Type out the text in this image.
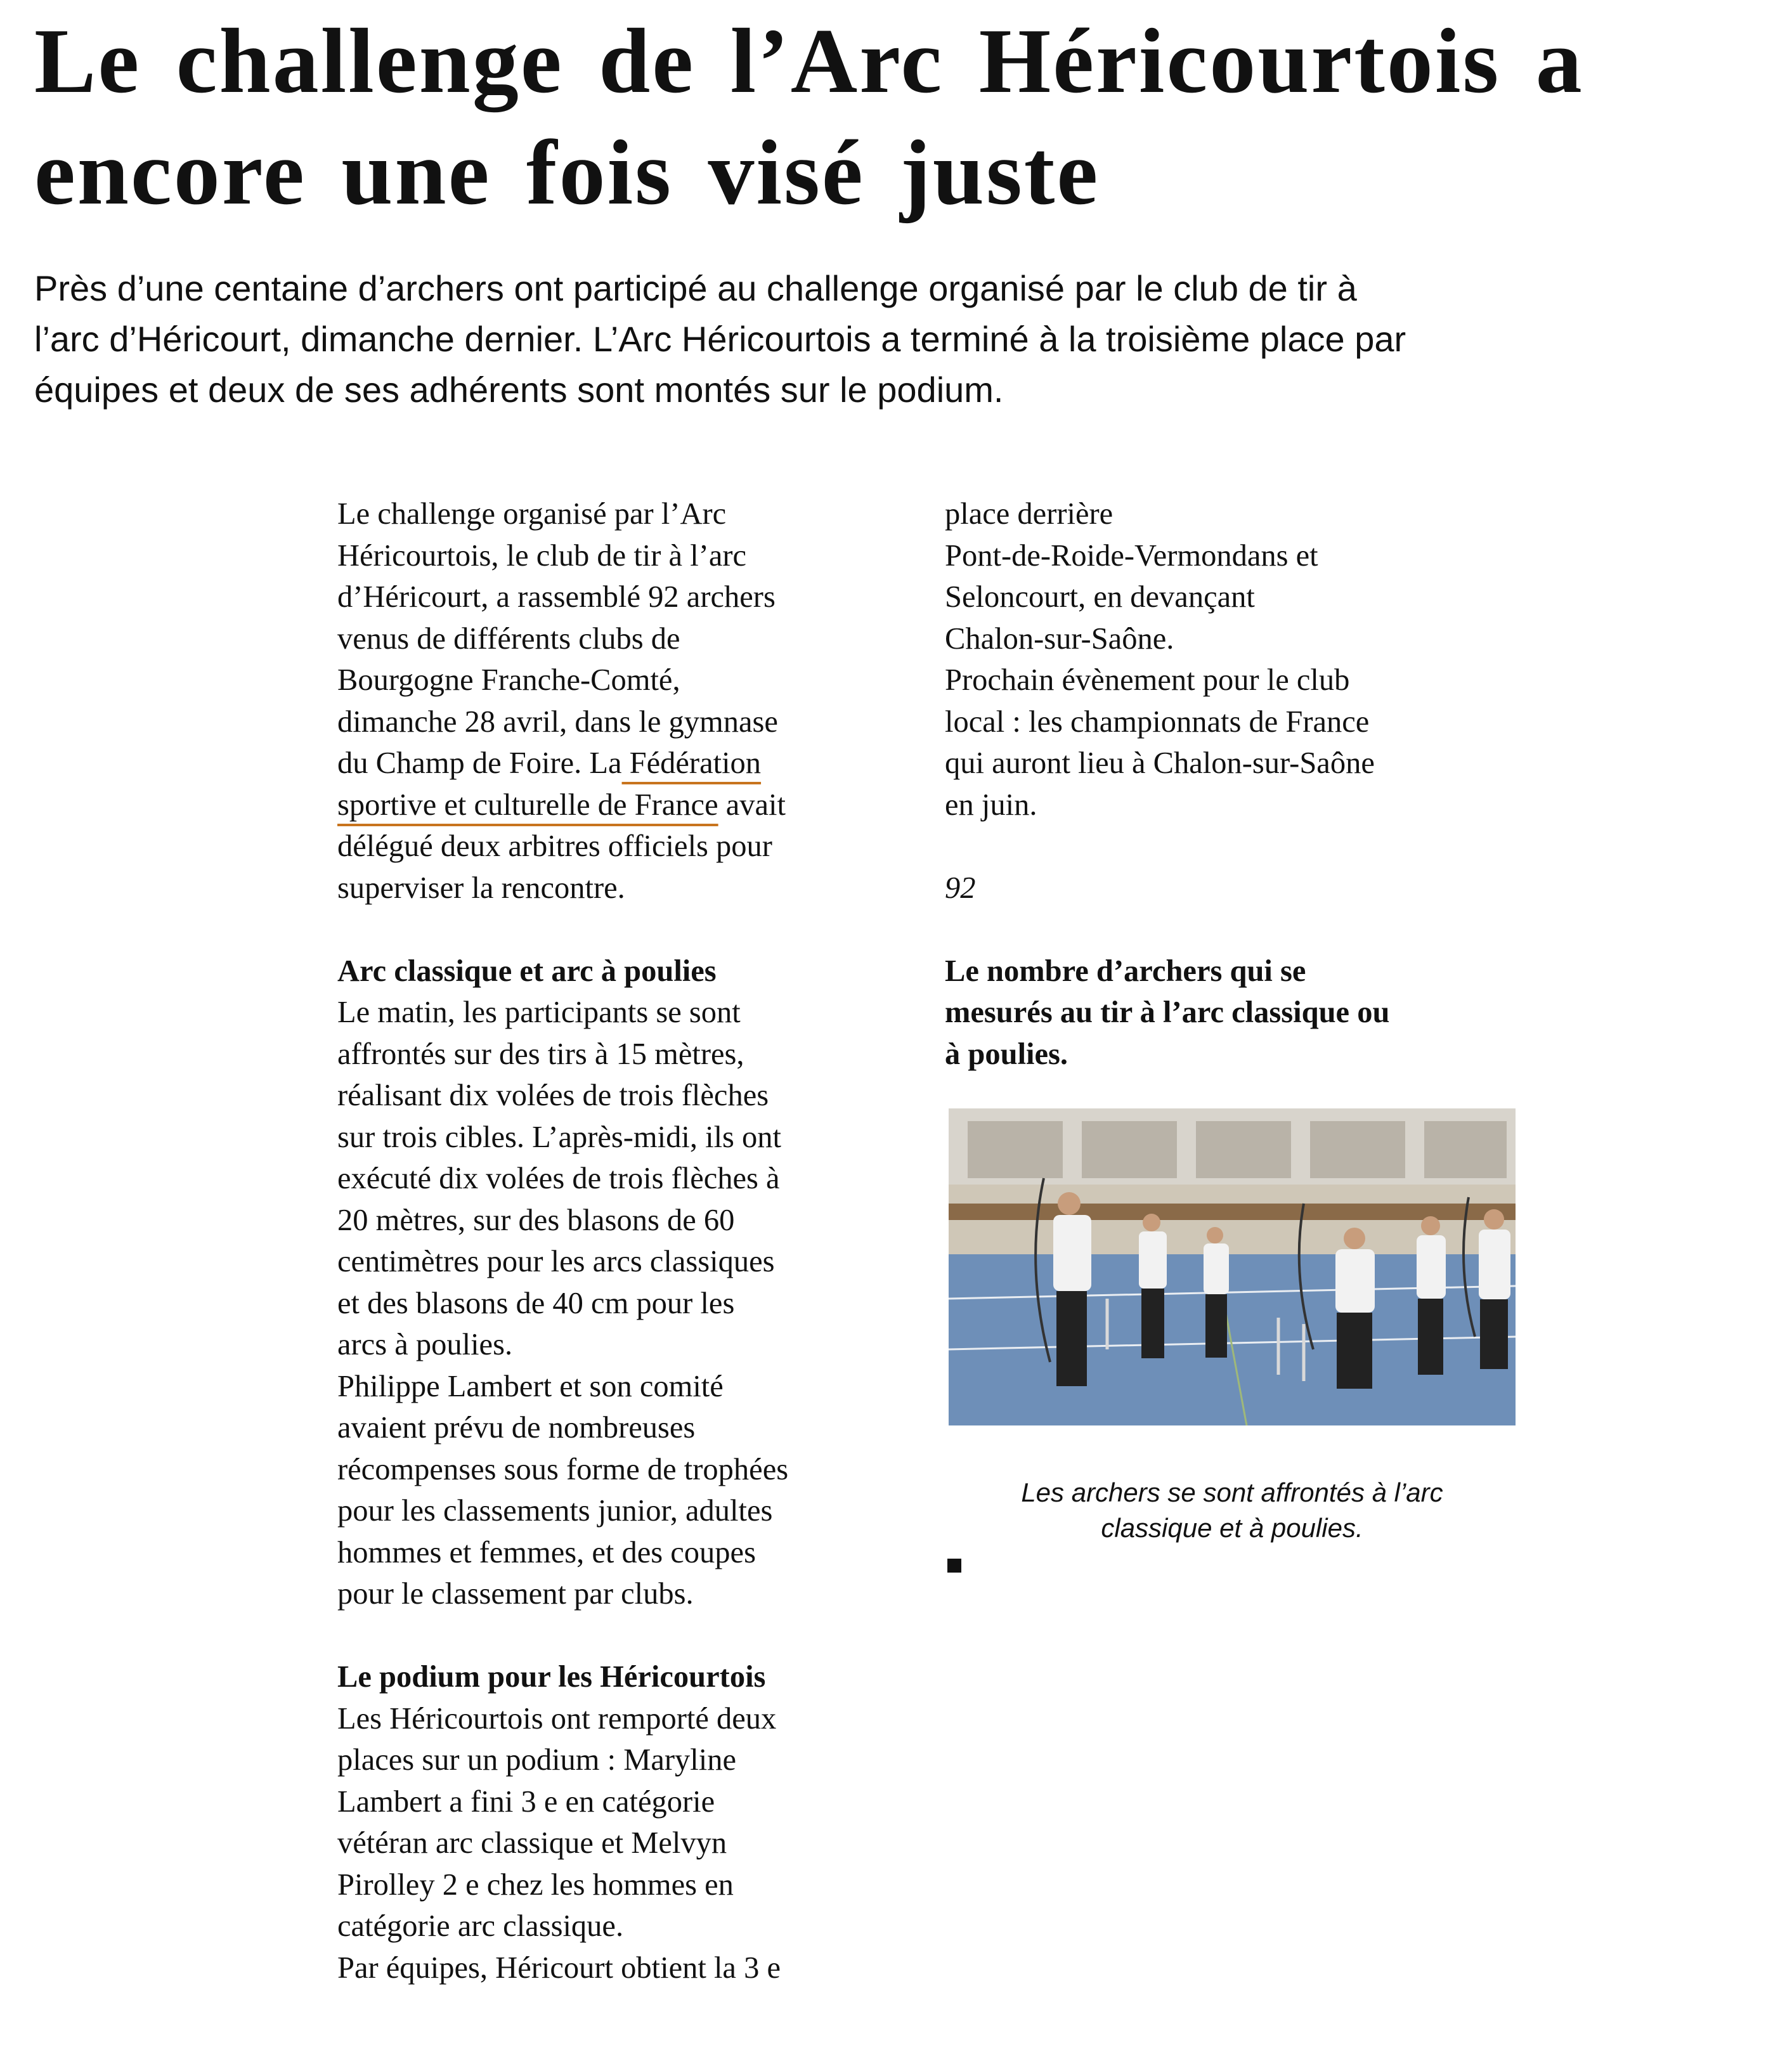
Le challenge de l’Arc Héricourtois a
encore une fois visé juste

Près d’une centaine d’archers ont participé au challenge organisé par le club de tir à
l’arc d’Héricourt, dimanche dernier. L’Arc Héricourtois a terminé à la troisième place par
équipes et deux de ses adhérents sont montés sur le podium.

Le challenge organisé par l’Arc
Héricourtois, le club de tir à l’arc
d’Héricourt, a rassemblé 92 archers
venus de différents clubs de
Bourgogne Franche-Comté,
dimanche 28 avril, dans le gymnase
du Champ de Foire. La Fédération
sportive et culturelle de France avait
délégué deux arbitres officiels pour
superviser la rencontre.

Arc classique et arc à poulies
Le matin, les participants se sont
affrontés sur des tirs à 15 mètres,
réalisant dix volées de trois flèches
sur trois cibles. L’après-midi, ils ont
exécuté dix volées de trois flèches à
20 mètres, sur des blasons de 60
centimètres pour les arcs classiques
et des blasons de 40 cm pour les
arcs à poulies.
Philippe Lambert et son comité
avaient prévu de nombreuses
récompenses sous forme de trophées
pour les classements junior, adultes
hommes et femmes, et des coupes
pour le classement par clubs.

Le podium pour les Héricourtois
Les Héricourtois ont remporté deux
places sur un podium : Maryline
Lambert a fini 3 e en catégorie
vétéran arc classique et Melvyn
Pirolley 2 e chez les hommes en
catégorie arc classique.
Par équipes, Héricourt obtient la 3 e

place derrière
Pont-de-Roide-Vermondans et
Seloncourt, en devançant
Chalon-sur-Saône.
Prochain évènement pour le club
local : les championnats de France
qui auront lieu à Chalon-sur-Saône
en juin.

92

Le nombre d’archers qui se
mesurés au tir à l’arc classique ou
à poulies.

Les archers se sont affrontés à l’arc
classique et à poulies.
